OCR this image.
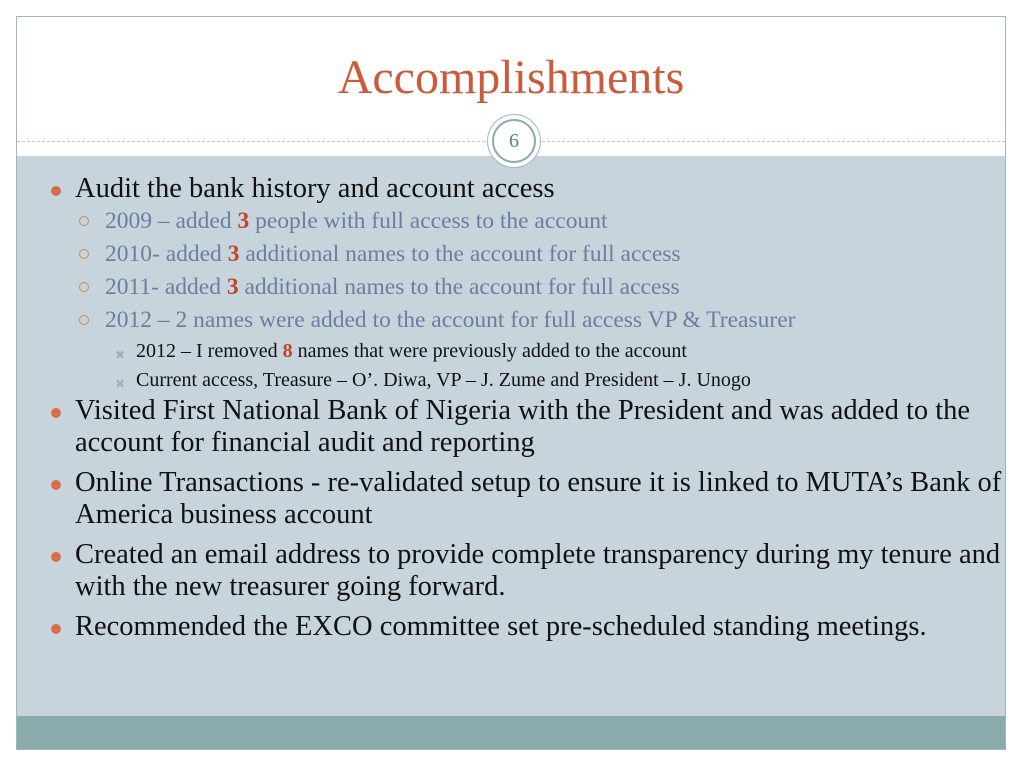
Accomplishments
6
Audit the bank history and account access
2009 – added 3 people with full access to the account
2010- added 3 additional names to the account for full access
2011- added 3 additional names to the account for full access
2012 – 2 names were added to the account for full access VP & Treasurer
✖ 2012 – I removed 8 names that were previously added to the account
✖ Current access, Treasure – O’. Diwa, VP – J. Zume and President – J. Unogo
Visited First National Bank of Nigeria with the President and was added to the account for financial audit and reporting
Online Transactions - re-validated setup to ensure it is linked to MUTA’s Bank of America business account
Created an email address to provide complete transparency during my tenure and with the new treasurer going forward.
Recommended the EXCO committee set pre-scheduled standing meetings.
